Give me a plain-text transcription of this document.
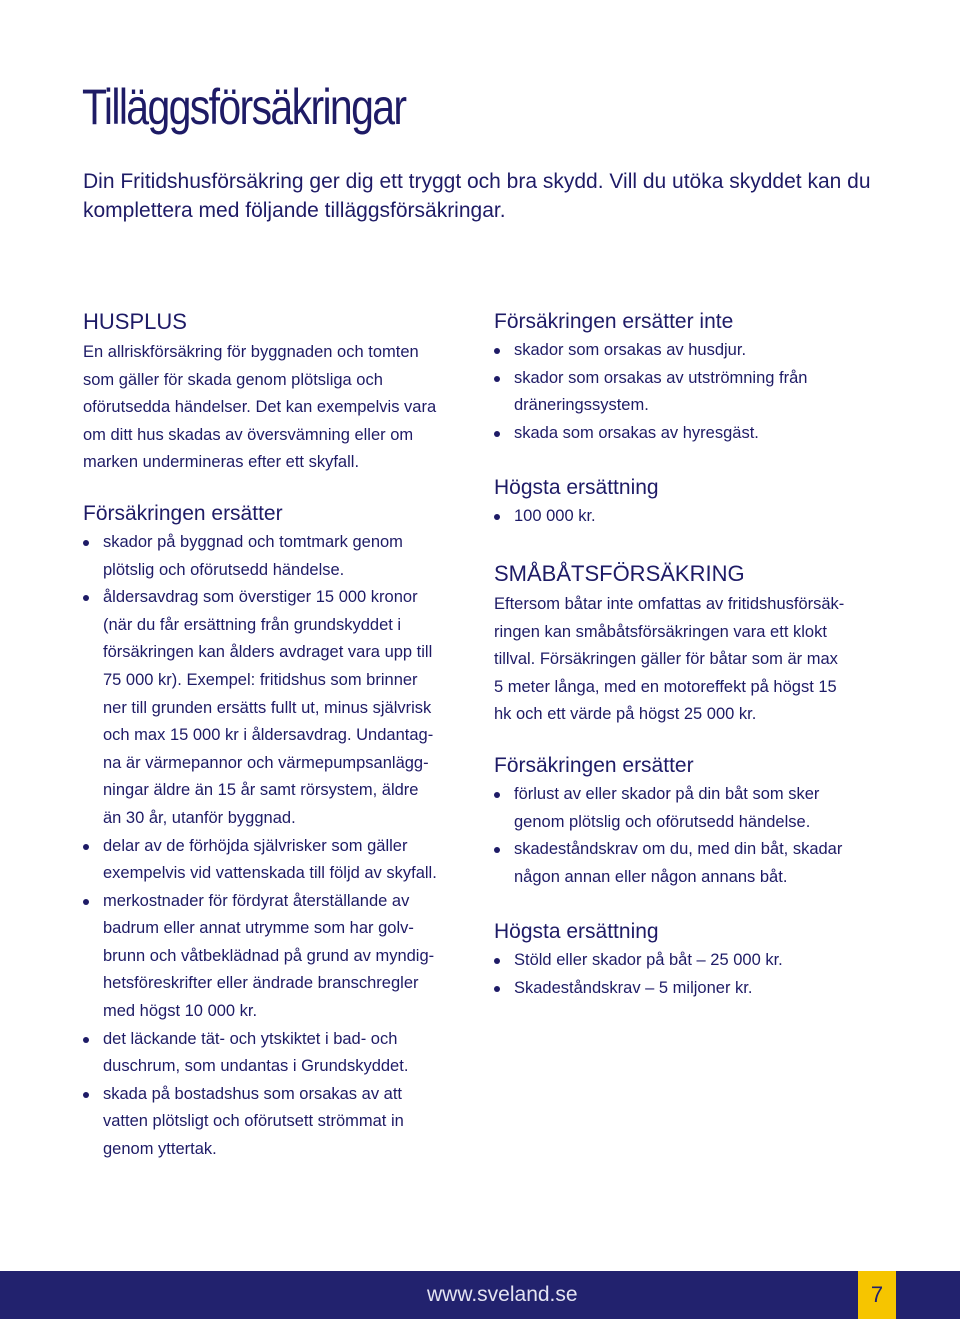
Tilläggsförsäkringar

Din Fritidshusförsäkring ger dig ett tryggt och bra skydd. Vill du utöka skyddet kan du komplettera med följande tilläggsförsäkringar.

HUSPLUS

En allriskförsäkring för byggnaden och tomten
som gäller för skada genom plötsliga och
oförutsedda händelser. Det kan exempelvis vara
om ditt hus skadas av översvämning eller om
marken undermineras efter ett skyfall.

Försäkringen ersätter
skador på byggnad och tomtmark genom
plötslig och oförutsedd händelse.
åldersavdrag som överstiger 15 000 kronor
(när du får ersättning från grundskyddet i
försäkringen kan ålders avdraget vara upp till
75 000 kr). Exempel: fritidshus som brinner
ner till grunden ersätts fullt ut, minus självrisk
och max 15 000 kr i åldersavdrag. Undantag-
na är värmepannor och värmepumpsanlägg-
ningar äldre än 15 år samt rörsystem, äldre
än 30 år, utanför byggnad.
delar av de förhöjda självrisker som gäller
exempelvis vid vattenskada till följd av skyfall.
merkostnader för fördyrat återställande av
badrum eller annat utrymme som har golv-
brunn och våtbeklädnad på grund av myndig-
hetsföreskrifter eller ändrade branschregler
med högst 10 000 kr.
det läckande tät- och ytskiktet i bad- och
duschrum, som undantas i Grundskyddet.
skada på bostadshus som orsakas av att
vatten plötsligt och oförutsett strömmat in
genom yttertak.
Försäkringen ersätter inte
skador som orsakas av husdjur.
skador som orsakas av utströmning från
dräneringssystem.
skada som orsakas av hyresgäst.
Högsta ersättning
100 000 kr.
SMÅBÅTSFÖRSÄKRING

Eftersom båtar inte omfattas av fritidshusförsäk-
ringen kan småbåtsförsäkringen vara ett klokt
tillval. Försäkringen gäller för båtar som är max
5 meter långa, med en motoreffekt på högst 15
hk och ett värde på högst 25 000 kr.

Försäkringen ersätter
förlust av eller skador på din båt som sker
genom plötslig och oförutsedd händelse.
skadeståndskrav om du, med din båt, skadar
någon annan eller någon annans båt.
Högsta ersättning
Stöld eller skador på båt – 25 000 kr.
Skadeståndskrav – 5 miljoner kr.
www.sveland.se	7
